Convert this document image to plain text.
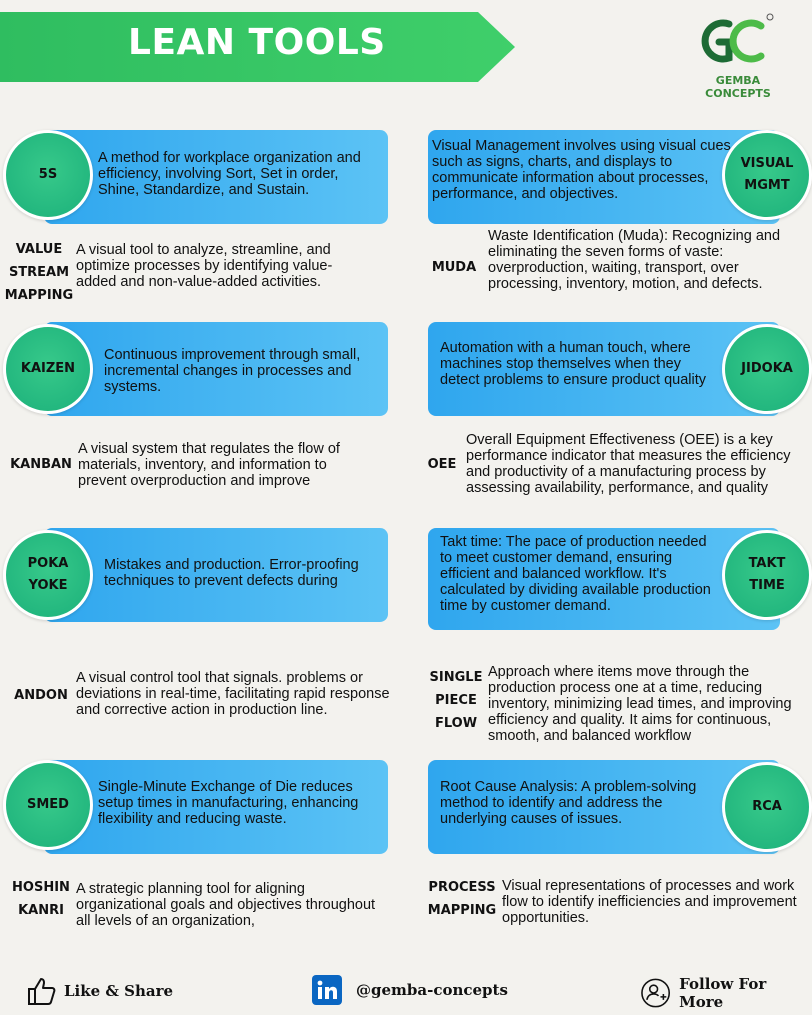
LEAN TOOLS
GEMBA CONCEPTS
5S
A method for workplace organization and efficiency, involving Sort, Set in order, Shine, Standardize, and Sustain.
VISUAL
MGMT
Visual Management involves using visual cues such as signs, charts, and displays to communicate information about processes, performance, and objectives.
VALUE
STREAM
MAPPING
A visual tool to analyze, streamline, and optimize processes by identifying value-added and non-value-added activities.
MUDA
Waste Identification (Muda): Recognizing and eliminating the seven forms of vaste: overproduction, waiting, transport, over processing, inventory, motion, and defects.
KAIZEN
Continuous improvement through small, incremental changes in processes and systems.
JIDOKA
Automation with a human touch, where machines stop themselves when they detect problems to ensure product quality
KANBAN
A visual system that regulates the flow of materials, inventory, and information to prevent overproduction and improve
OEE
Overall Equipment Effectiveness (OEE) is a key performance indicator that measures the efficiency and productivity of a manufacturing process by assessing availability, performance, and quality
POKA
YOKE
Mistakes and production. Error-proofing techniques to prevent defects during
TAKT
TIME
Takt time: The pace of production needed to meet customer demand, ensuring efficient and balanced workflow. It's calculated by dividing available production time by customer demand.
ANDON
A visual control tool that signals. problems or deviations in real-time, facilitating rapid response and corrective action in production line.
SINGLE
PIECE
FLOW
Approach where items move through the production process one at a time, reducing inventory, minimizing lead times, and improving efficiency and quality. It aims for continuous, smooth, and balanced workflow
SMED
Single-Minute Exchange of Die reduces setup times in manufacturing, enhancing flexibility and reducing waste.
RCA
Root Cause Analysis: A problem-solving method to identify and address the underlying causes of issues.
HOSHIN
KANRI
A strategic planning tool for aligning organizational goals and objectives throughout all levels of an organization,
PROCESS
MAPPING
Visual representations of processes and work flow to identify inefficiencies and improvement opportunities.
Like & Share	@gemba-concepts	Follow For More
